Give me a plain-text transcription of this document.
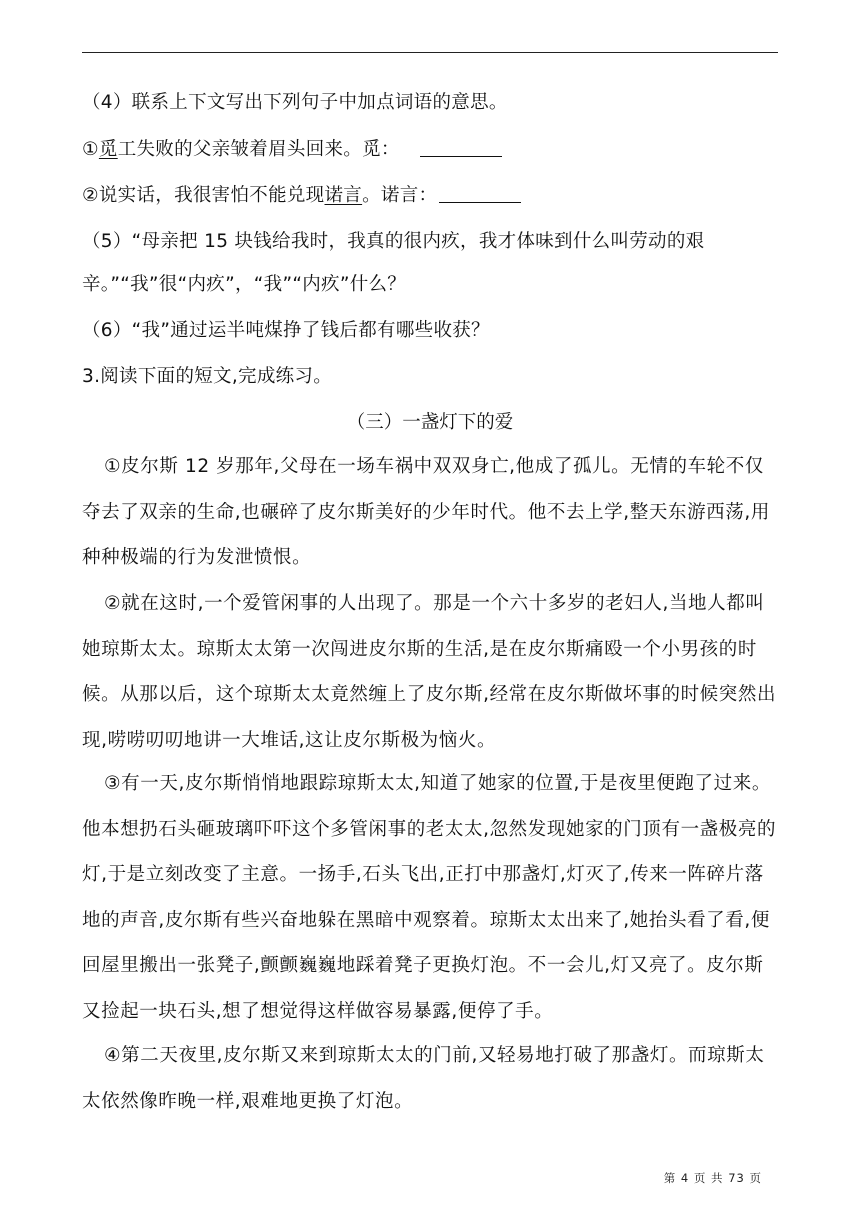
（4）联系上下文写出下列句子中加点词语的意思。
①觅工失败的父亲皱着眉头回来。觅：
②说实话，我很害怕不能兑现诺言。诺言：
（5）“母亲把 15 块钱给我时，我真的很内疚，我才体味到什么叫劳动的艰
辛。”“我”很“内疚”，“我”“内疚”什么？
（6）“我”通过运半吨煤挣了钱后都有哪些收获？
3.阅读下面的短文,完成练习。
（三）一盏灯下的爱

①皮尔斯 12 岁那年,父母在一场车祸中双双身亡,他成了孤儿。无情的车轮不仅夺去了双亲的生命,也碾碎了皮尔斯美好的少年时代。他不去上学,整天东游西荡,用种种极端的行为发泄愤恨。

②就在这时,一个爱管闲事的人出现了。那是一个六十多岁的老妇人,当地人都叫她琼斯太太。琼斯太太第一次闯进皮尔斯的生活,是在皮尔斯痛殴一个小男孩的时候。从那以后，这个琼斯太太竟然缠上了皮尔斯,经常在皮尔斯做坏事的时候突然出现,唠唠叨叨地讲一大堆话,这让皮尔斯极为恼火。

③有一天,皮尔斯悄悄地跟踪琼斯太太,知道了她家的位置,于是夜里便跑了过来。他本想扔石头砸玻璃吓吓这个多管闲事的老太太,忽然发现她家的门顶有一盏极亮的灯,于是立刻改变了主意。一扬手,石头飞出,正打中那盏灯,灯灭了,传来一阵碎片落地的声音,皮尔斯有些兴奋地躲在黑暗中观察着。琼斯太太出来了,她抬头看了看,便回屋里搬出一张凳子,颤颤巍巍地踩着凳子更换灯泡。不一会儿,灯又亮了。皮尔斯又捡起一块石头,想了想觉得这样做容易暴露,便停了手。

④第二天夜里,皮尔斯又来到琼斯太太的门前,又轻易地打破了那盏灯。而琼斯太太依然像昨晚一样,艰难地更换了灯泡。

第 4 页 共 73 页
